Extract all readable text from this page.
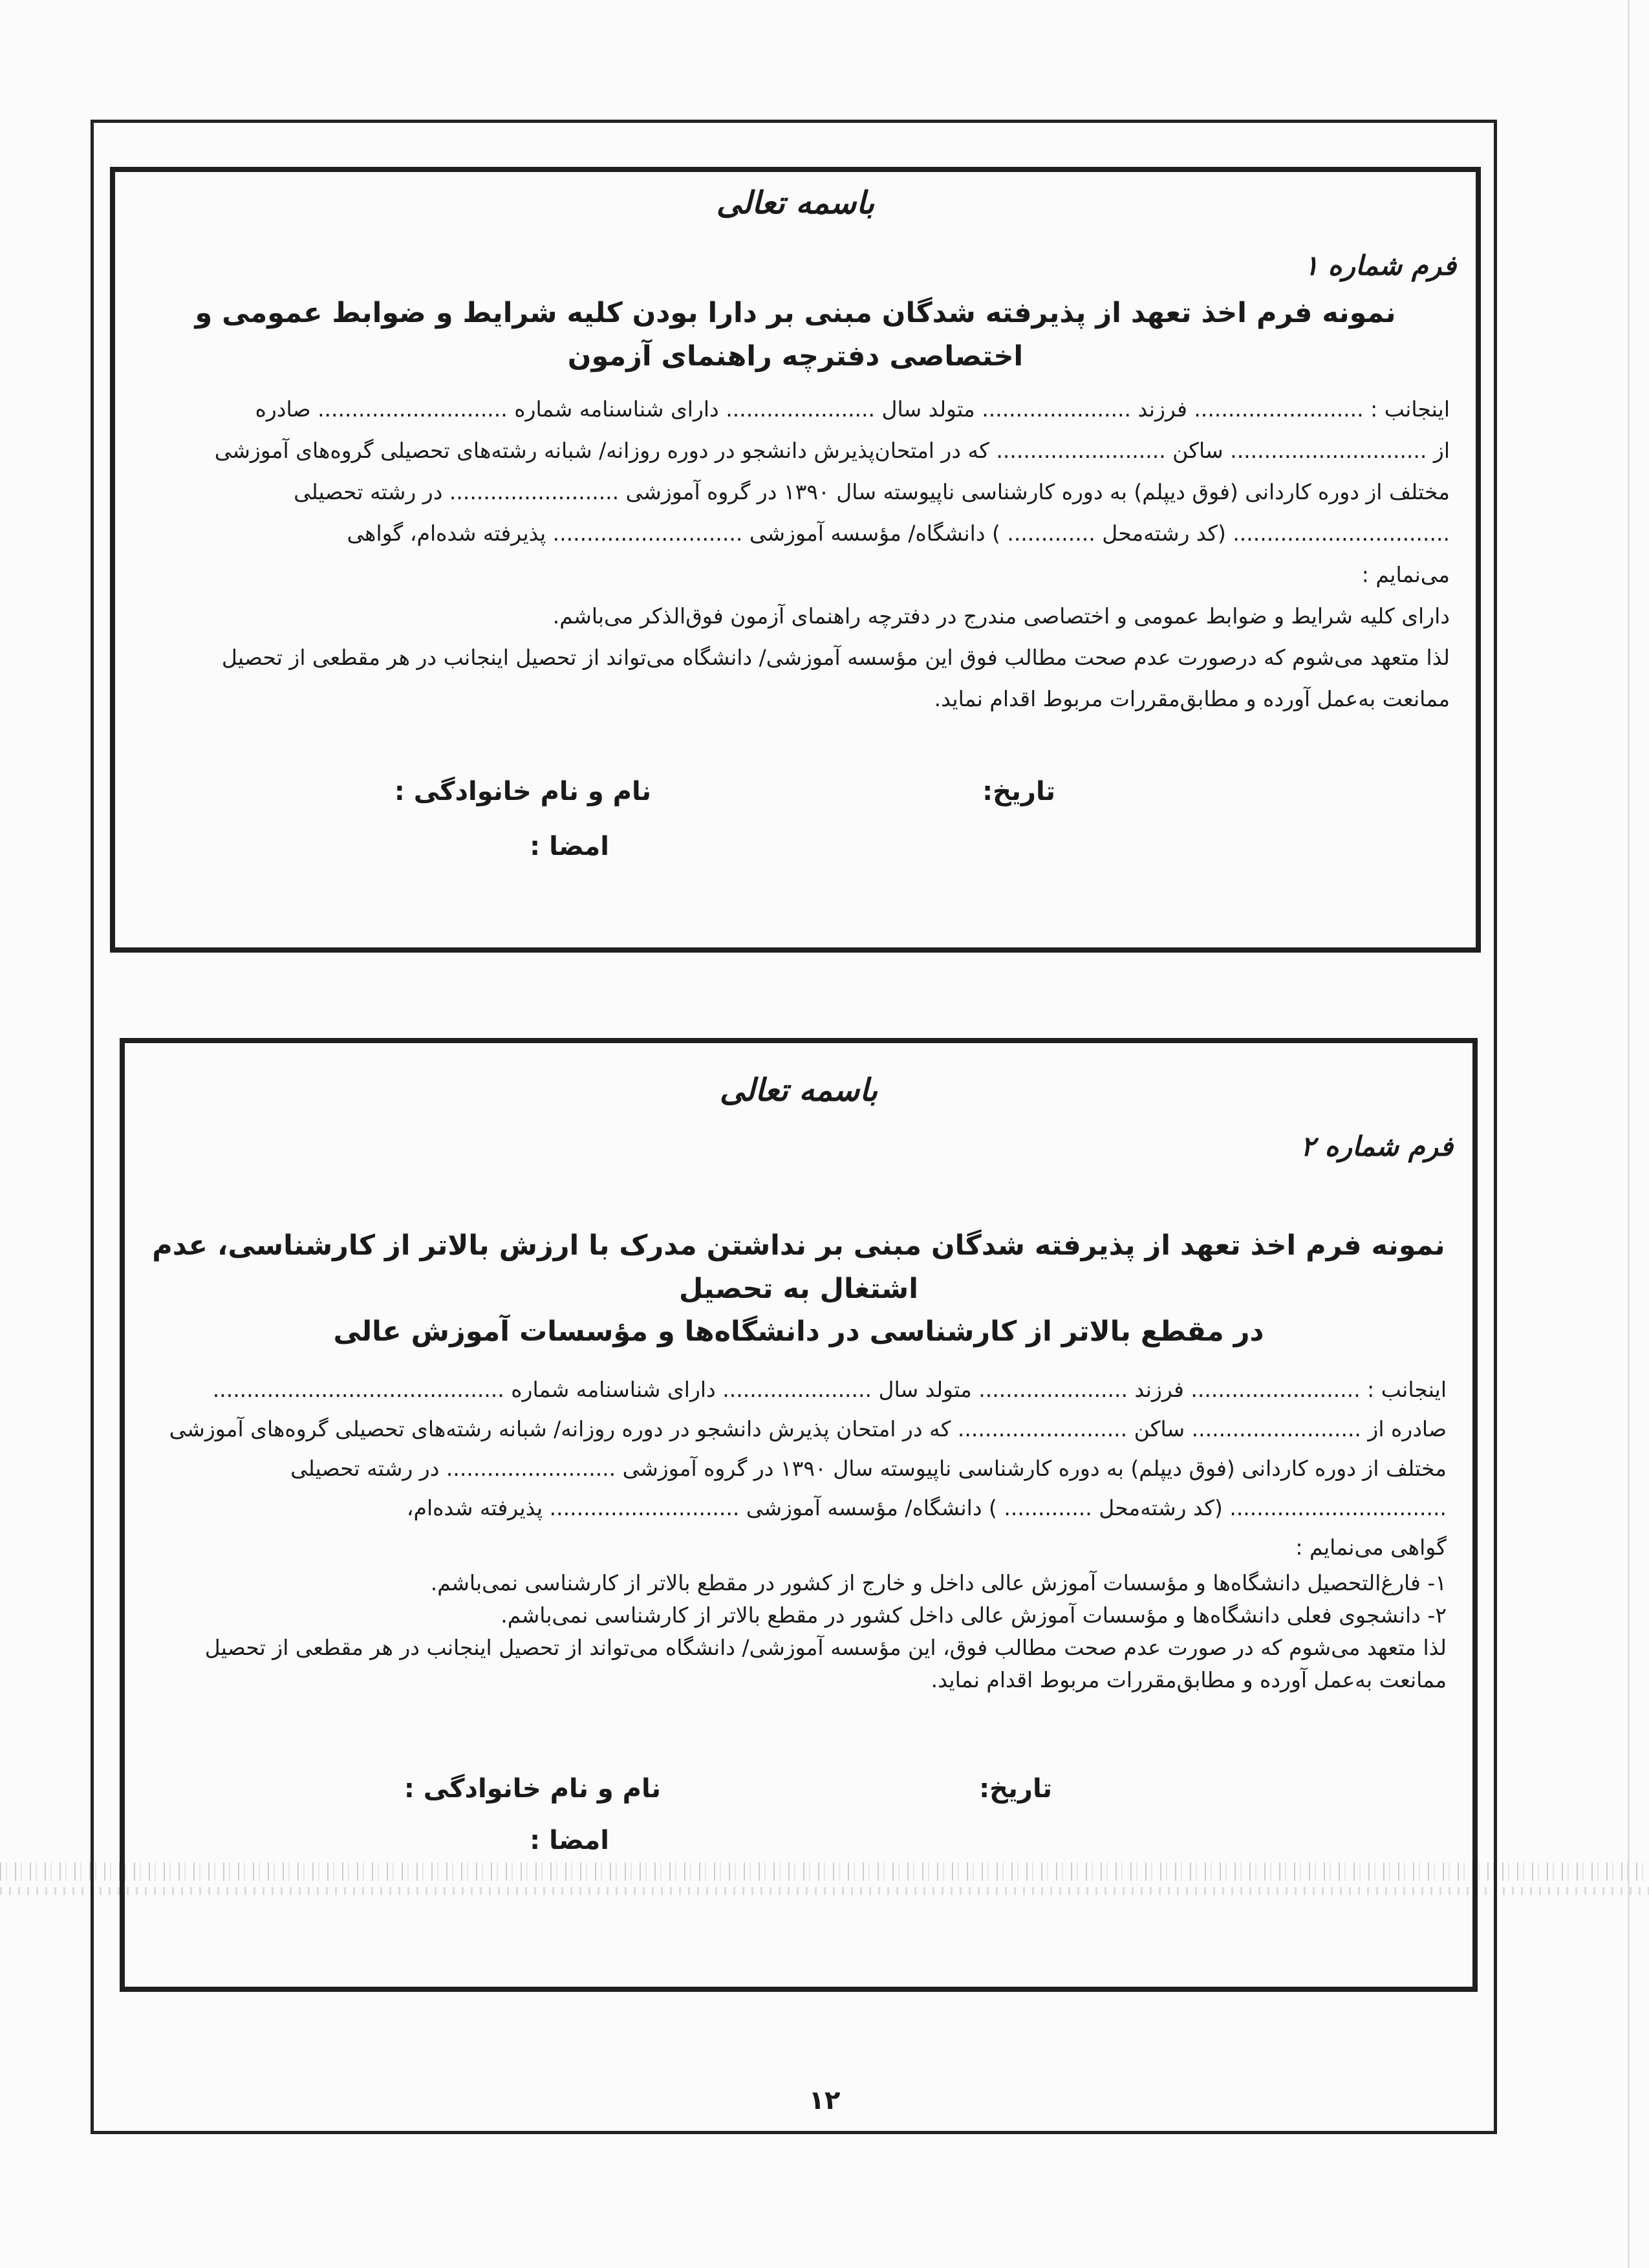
باسمه تعالی
فرم شماره ۱
نمونه فرم اخذ تعهد از پذیرفته شدگان مبنی بر دارا بودن کلیه شرایط و ضوابط عمومی و اختصاصی دفترچه راهنمای آزمون

اینجانب : ......................... فرزند ...................... متولد سال ...................... دارای شناسنامه شماره ............................ صادره

از ............................. ساکن ......................... که در امتحان‌پذیرش دانشجو در دوره روزانه/ شبانه رشته‌های تحصیلی گروه‌های آموزشی

مختلف از دوره کاردانی (فوق دیپلم) به دوره کارشناسی ناپیوسته سال ۱۳۹۰ در گروه آموزشی ......................... در رشته تحصیلی

................................ (کد رشته‌محل ............. ) دانشگاه/ مؤسسه آموزشی ............................ پذیرفته شده‌ام، گواهی

می‌نمایم :

دارای کلیه شرایط و ضوابط عمومی و اختصاصی مندرج در دفترچه راهنمای آزمون فوق‌الذکر می‌باشم.

لذا متعهد می‌شوم که درصورت عدم صحت مطالب فوق این مؤسسه آموزشی/ دانشگاه می‌تواند از تحصیل اینجانب در هر مقطعی از تحصیل

ممانعت به‌عمل آورده و مطابق‌مقررات مربوط اقدام نماید.

تاریخ:
نام و نام خانوادگی :
امضا :
باسمه تعالی
فرم شماره ۲
نمونه فرم اخذ تعهد از پذیرفته شدگان مبنی بر نداشتن مدرک با ارزش بالاتر از کارشناسی، عدم اشتغال به تحصیل
در مقطع بالاتر از کارشناسی در دانشگاه‌ها و مؤسسات آموزش عالی

اینجانب : ......................... فرزند ...................... متولد سال ...................... دارای شناسنامه شماره ...........................................

صادره از ......................... ساکن ......................... که در امتحان پذیرش دانشجو در دوره روزانه/ شبانه رشته‌های تحصیلی گروه‌های آموزشی

مختلف از دوره کاردانی (فوق دیپلم) به دوره کارشناسی ناپیوسته سال ۱۳۹۰ در گروه آموزشی ......................... در رشته تحصیلی

................................ (کد رشته‌محل ............. ) دانشگاه/ مؤسسه آموزشی ............................ پذیرفته شده‌ام،

گواهی می‌نمایم :

۱- فارغ‌التحصیل دانشگاه‌ها و مؤسسات آموزش عالی داخل و خارج از کشور در مقطع بالاتر از کارشناسی نمی‌باشم.

۲- دانشجوی فعلی دانشگاه‌ها و مؤسسات آموزش عالی داخل کشور در مقطع بالاتر از کارشناسی نمی‌باشم.

لذا متعهد می‌شوم که در صورت عدم صحت مطالب فوق، این مؤسسه آموزشی/ دانشگاه می‌تواند از تحصیل اینجانب در هر مقطعی از تحصیل

ممانعت به‌عمل آورده و مطابق‌مقررات مربوط اقدام نماید.

تاریخ:
نام و نام خانوادگی :
امضا :
۱۲
